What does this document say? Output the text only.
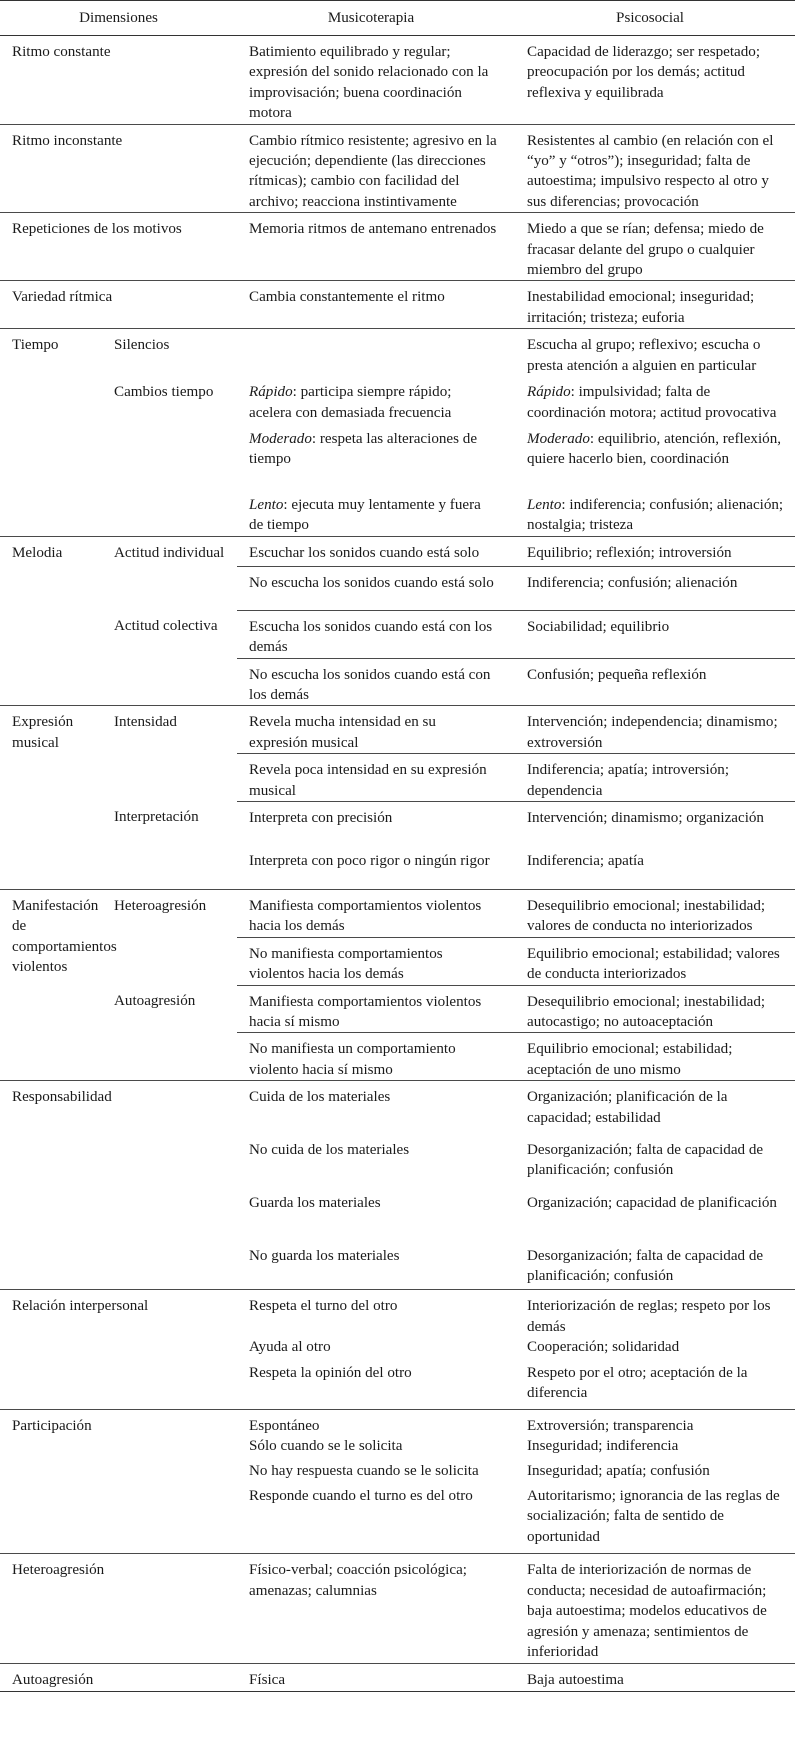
Dimensiones		Musicoterapia	Psicosocial
Ritmo constante		Batimiento equilibrado y regular; expresión del sonido relacionado con la improvisación; buena coordinación motora	Capacidad de liderazgo; ser respetado; preocupación por los demás; actitud reflexiva y equilibrada
Ritmo inconstante		Cambio rítmico resistente; agresivo en la ejecución; dependiente (las direcciones rítmicas); cambio con facilidad del archivo; reacciona instintivamente	Resistentes al cambio (en relación con el “yo” y “otros”); inseguridad; falta de autoestima; impulsivo respecto al otro y sus diferencias; provocación
Repeticiones de los motivos		Memoria ritmos de antemano entrenados	Miedo a que se rían; defensa; miedo de fracasar delante del grupo o cualquier miembro del grupo
Variedad rítmica		Cambia constantemente el ritmo	Inestabilidad emocional; inseguridad; irritación; tristeza; euforia
Tiempo	Silencios		Escucha al grupo; reflexivo; escucha o presta atención a alguien en particular
	Cambios tiempo	Rápido: participa siempre rápido; acelera con demasiada frecuencia	Rápido: impulsividad; falta de coordinación motora; actitud provocativa
		Moderado: respeta las alteraciones de tiempo	Moderado: equilibrio, atención, reflexión, quiere hacerlo bien, coordinación
		Lento: ejecuta muy lentamente y fuera de tiempo	Lento: indiferencia; confusión; alienación; nostalgia; tristeza
Melodia	Actitud individual	Escuchar los sonidos cuando está solo	Equilibrio; reflexión; introversión
		No escucha los sonidos cuando está solo	Indiferencia; confusión; alienación
	Actitud colectiva	Escucha los sonidos cuando está con los demás	Sociabilidad; equilibrio
		No escucha los sonidos cuando está con los demás	Confusión; pequeña reflexión
Expresión musical	Intensidad	Revela mucha intensidad en su expresión musical	Intervención; independencia; dinamismo; extroversión
		Revela poca intensidad en su expresión musical	Indiferencia; apatía; introversión; dependencia
	Interpretación	Interpreta con precisión	Intervención; dinamismo; organización
		Interpreta con poco rigor o ningún rigor	Indiferencia; apatía
Manifestación de comportamientos violentos	Heteroagresión	Manifiesta comportamientos violentos hacia los demás	Desequilibrio emocional; inestabilidad; valores de conducta no interiorizados
		No manifiesta comportamientos violentos hacia los demás	Equilibrio emocional; estabilidad; valores de conducta interiorizados
	Autoagresión	Manifiesta comportamientos violentos hacia sí mismo	Desequilibrio emocional; inestabilidad; autocastigo; no autoaceptación
		No manifiesta un comportamiento violento hacia sí mismo	Equilibrio emocional; estabilidad; aceptación de uno mismo
Responsabilidad		Cuida de los materiales	Organización; planificación de la capacidad; estabilidad
		No cuida de los materiales	Desorganización; falta de capacidad de planificación; confusión
		Guarda los materiales	Organización; capacidad de planificación
		No guarda los materiales	Desorganización; falta de capacidad de planificación; confusión
Relación interpersonal		Respeta el turno del otro	Interiorización de reglas; respeto por los demás
		Ayuda al otro	Cooperación; solidaridad
		Respeta la opinión del otro	Respeto por el otro; aceptación de la diferencia
Participación		Espontáneo	Extroversión; transparencia
		Sólo cuando se le solicita	Inseguridad; indiferencia
		No hay respuesta cuando se le solicita	Inseguridad; apatía; confusión
		Responde cuando el turno es del otro	Autoritarismo; ignorancia de las reglas de socialización; falta de sentido de oportunidad
Heteroagresión		Físico-verbal; coacción psicológica; amenazas; calumnias	Falta de interiorización de normas de conducta; necesidad de autoafirmación; baja autoestima; modelos educativos de agresión y amenaza; sentimientos de inferioridad
Autoagresión		Física	Baja autoestima
